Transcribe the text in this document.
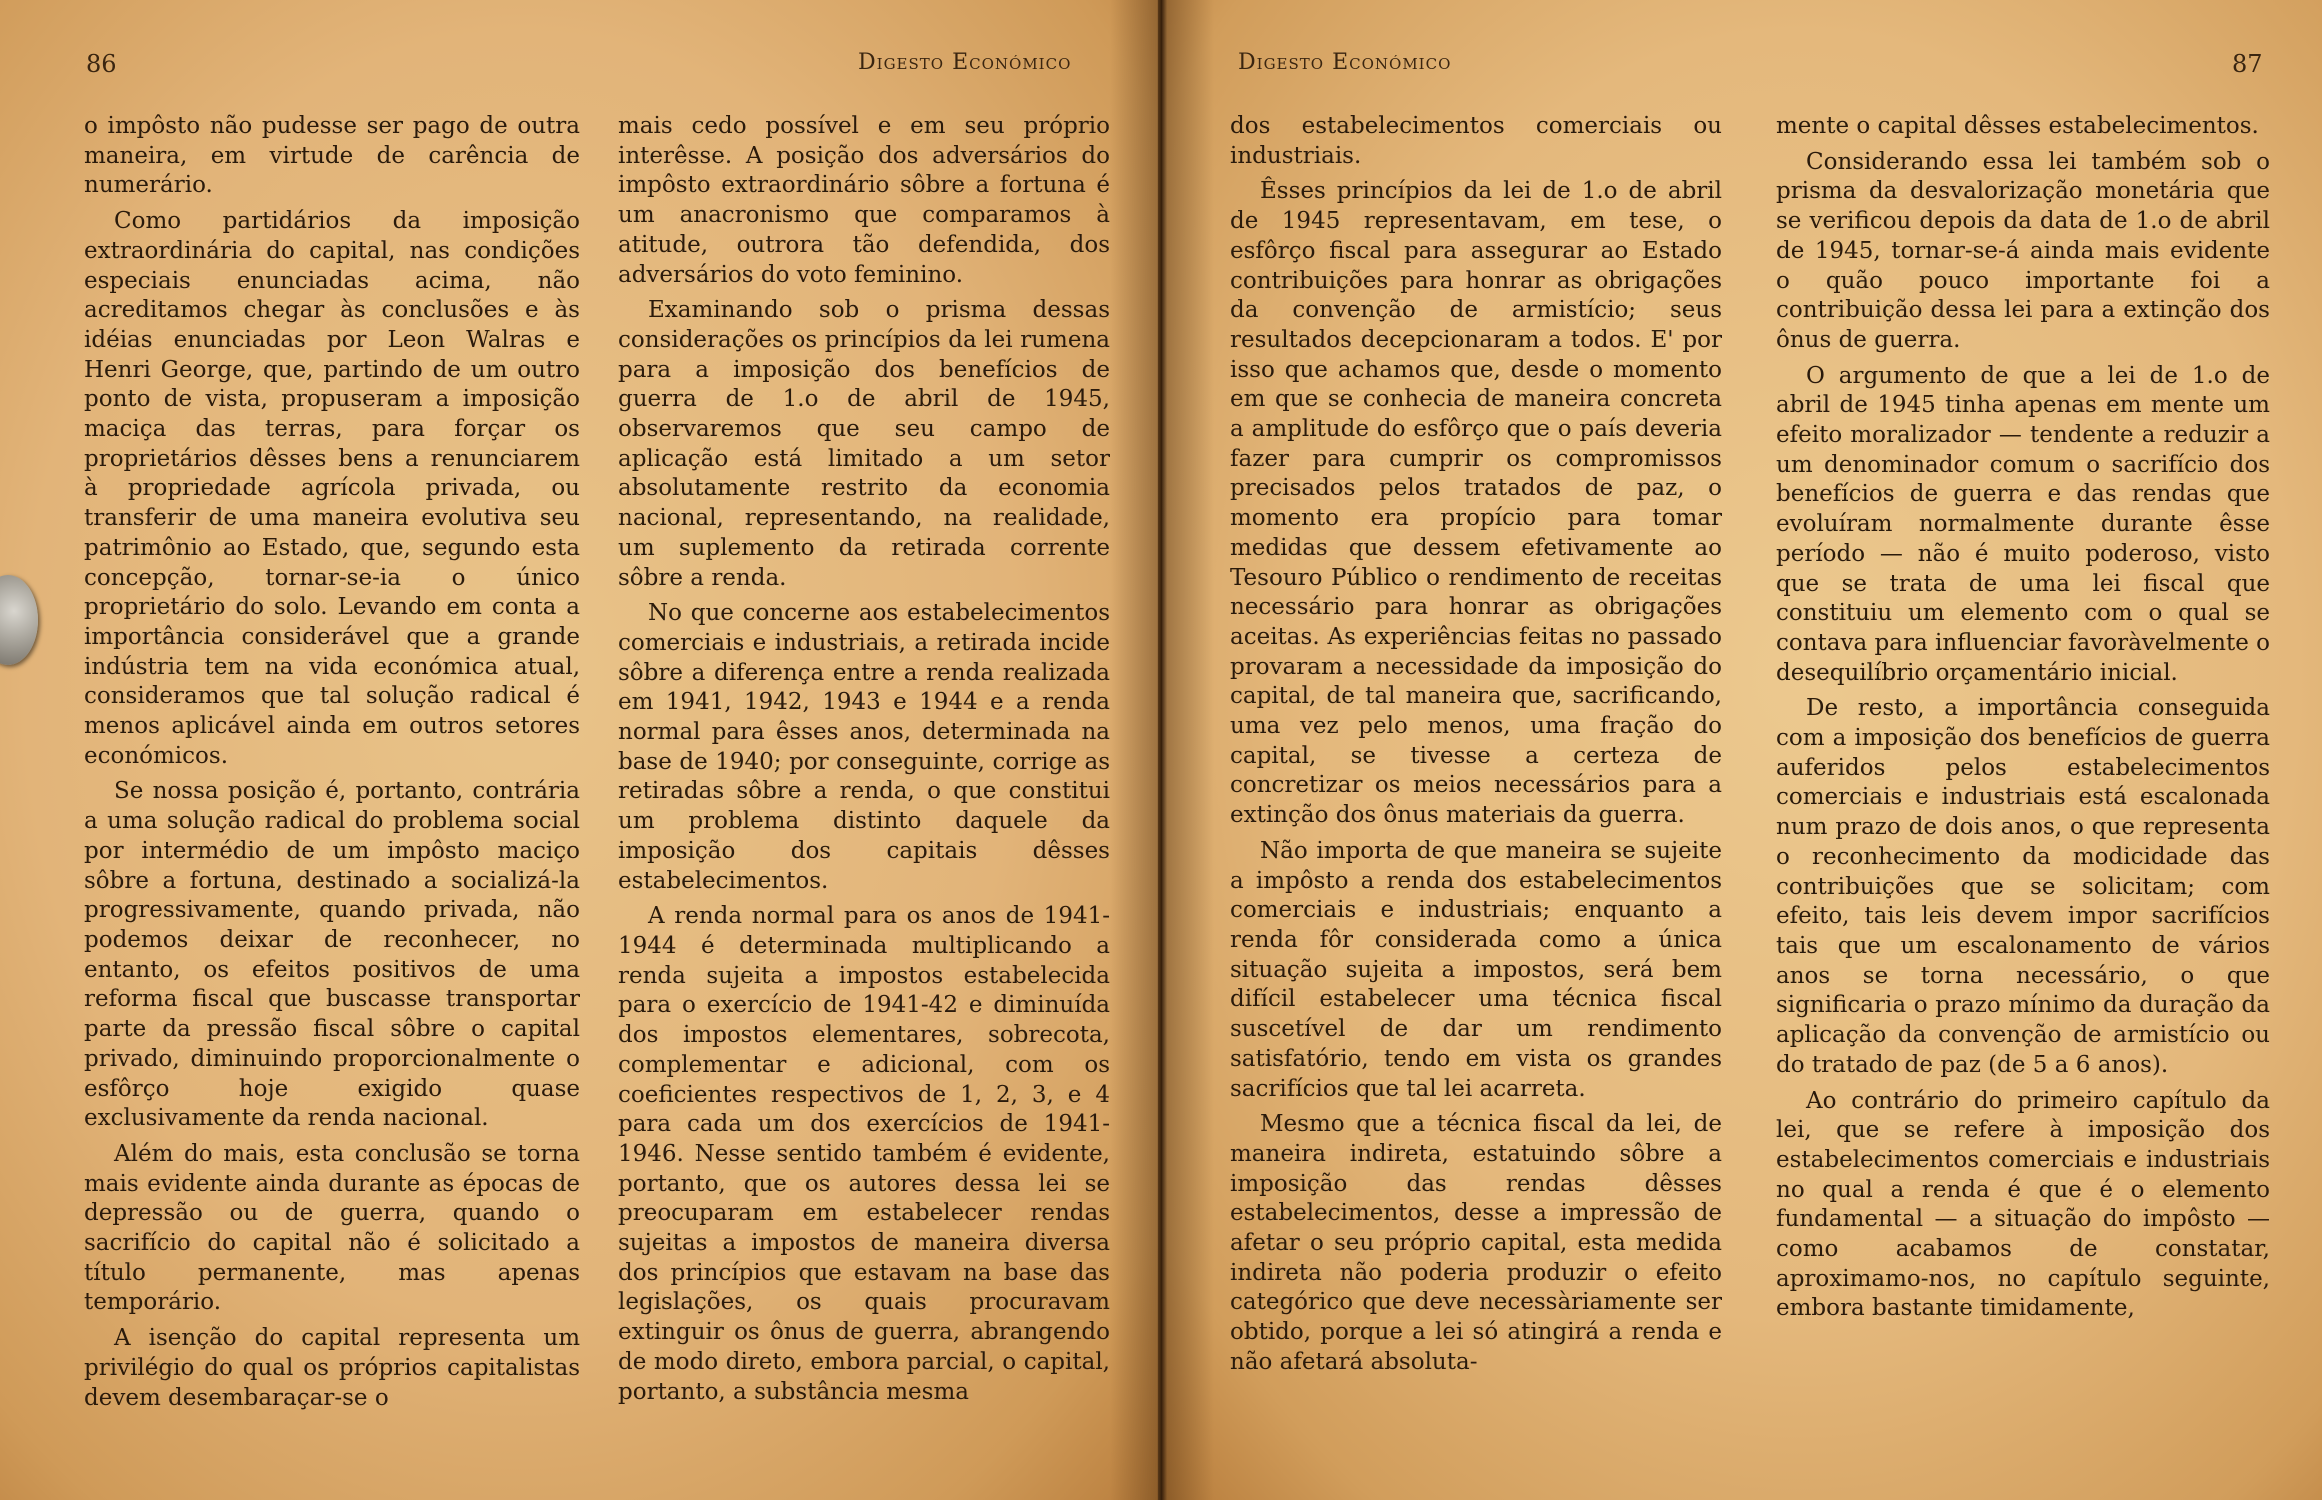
86	Digesto Económico

o impôsto não pudesse ser pago de outra maneira, em virtude de carência de numerário.

Como partidários da imposição extraordinária do capital, nas condições especiais enunciadas acima, não acreditamos chegar às conclusões e às idéias enunciadas por Leon Walras e Henri George, que, partindo de um outro ponto de vista, propuseram a imposição maciça das terras, para forçar os proprietários dêsses bens a renunciarem à propriedade agrícola privada, ou transferir de uma maneira evolutiva seu patrimônio ao Estado, que, segundo esta concepção, tornar-se-ia o único proprietário do solo. Levando em conta a importância considerável que a grande indústria tem na vida económica atual, consideramos que tal solução radical é menos aplicável ainda em outros setores económicos.

Se nossa posição é, portanto, contrária a uma solução radical do problema social por intermédio de um impôsto maciço sôbre a fortuna, destinado a socializá-la progressivamente, quando privada, não podemos deixar de reconhecer, no entanto, os efeitos positivos de uma reforma fiscal que buscasse transportar parte da pressão fiscal sôbre o capital privado, diminuindo proporcionalmente o esfôrço hoje exigido quase exclusivamente da renda nacional.

Além do mais, esta conclusão se torna mais evidente ainda durante as épocas de depressão ou de guerra, quando o sacrifício do capital não é solicitado a título permanente, mas apenas temporário.

A isenção do capital representa um privilégio do qual os próprios capitalistas devem desembaraçar-se o

mais cedo possível e em seu próprio interêsse. A posição dos adversários do impôsto extraordinário sôbre a fortuna é um anacronismo que comparamos à atitude, outrora tão defendida, dos adversários do voto feminino.

Examinando sob o prisma dessas considerações os princípios da lei rumena para a imposição dos benefícios de guerra de 1.o de abril de 1945, observaremos que seu campo de aplicação está limitado a um setor absolutamente restrito da economia nacional, representando, na realidade, um suplemento da retirada corrente sôbre a renda.

No que concerne aos estabelecimentos comerciais e industriais, a retirada incide sôbre a diferença entre a renda realizada em 1941, 1942, 1943 e 1944 e a renda normal para êsses anos, determinada na base de 1940; por conseguinte, corrige as retiradas sôbre a renda, o que constitui um problema distinto daquele da imposição dos capitais dêsses estabelecimentos.

A renda normal para os anos de 1941-1944 é determinada multiplicando a renda sujeita a impostos estabelecida para o exercício de 1941-42 e diminuída dos impostos elementares, sobrecota, complementar e adicional, com os coeficientes respectivos de 1, 2, 3, e 4 para cada um dos exercícios de 1941-1946. Nesse sentido também é evidente, portanto, que os autores dessa lei se preocuparam em estabelecer rendas sujeitas a impostos de maneira diversa dos princípios que estavam na base das legislações, os quais procuravam extinguir os ônus de guerra, abrangendo de modo direto, embora parcial, o capital, portanto, a substância mesma

Digesto Económico	87

dos estabelecimentos comerciais ou industriais.

Êsses princípios da lei de 1.o de abril de 1945 representavam, em tese, o esfôrço fiscal para assegurar ao Estado contribuições para honrar as obrigações da convenção de armistício; seus resultados decepcionaram a todos. E' por isso que achamos que, desde o momento em que se conhecia de maneira concreta a amplitude do esfôrço que o país deveria fazer para cumprir os compromissos precisados pelos tratados de paz, o momento era propício para tomar medidas que dessem efetivamente ao Tesouro Público o rendimento de receitas necessário para honrar as obrigações aceitas. As experiências feitas no passado provaram a necessidade da imposição do capital, de tal maneira que, sacrificando, uma vez pelo menos, uma fração do capital, se tivesse a certeza de concretizar os meios necessários para a extinção dos ônus materiais da guerra.

Não importa de que maneira se sujeite a impôsto a renda dos estabelecimentos comerciais e industriais; enquanto a renda fôr considerada como a única situação sujeita a impostos, será bem difícil estabelecer uma técnica fiscal suscetível de dar um rendimento satisfatório, tendo em vista os grandes sacrifícios que tal lei acarreta.

Mesmo que a técnica fiscal da lei, de maneira indireta, estatuindo sôbre a imposição das rendas dêsses estabelecimentos, desse a impressão de afetar o seu próprio capital, esta medida indireta não poderia produzir o efeito categórico que deve necessàriamente ser obtido, porque a lei só atingirá a renda e não afetará absoluta-

mente o capital dêsses estabelecimentos.

Considerando essa lei também sob o prisma da desvalorização monetária que se verificou depois da data de 1.o de abril de 1945, tornar-se-á ainda mais evidente o quão pouco importante foi a contribuição dessa lei para a extinção dos ônus de guerra.

O argumento de que a lei de 1.o de abril de 1945 tinha apenas em mente um efeito moralizador — tendente a reduzir a um denominador comum o sacrifício dos benefícios de guerra e das rendas que evoluíram normalmente durante êsse período — não é muito poderoso, visto que se trata de uma lei fiscal que constituiu um elemento com o qual se contava para influenciar favoràvelmente o desequilíbrio orçamentário inicial.

De resto, a importância conseguida com a imposição dos benefícios de guerra auferidos pelos estabelecimentos comerciais e industriais está escalonada num prazo de dois anos, o que representa o reconhecimento da modicidade das contribuições que se solicitam; com efeito, tais leis devem impor sacrifícios tais que um escalonamento de vários anos se torna necessário, o que significaria o prazo mínimo da duração da aplicação da convenção de armistício ou do tratado de paz (de 5 a 6 anos).

Ao contrário do primeiro capítulo da lei, que se refere à imposição dos estabelecimentos comerciais e industriais no qual a renda é que é o elemento fundamental — a situação do impôsto — como acabamos de constatar, aproximamo-nos, no capítulo seguinte, embora bastante timidamente,
